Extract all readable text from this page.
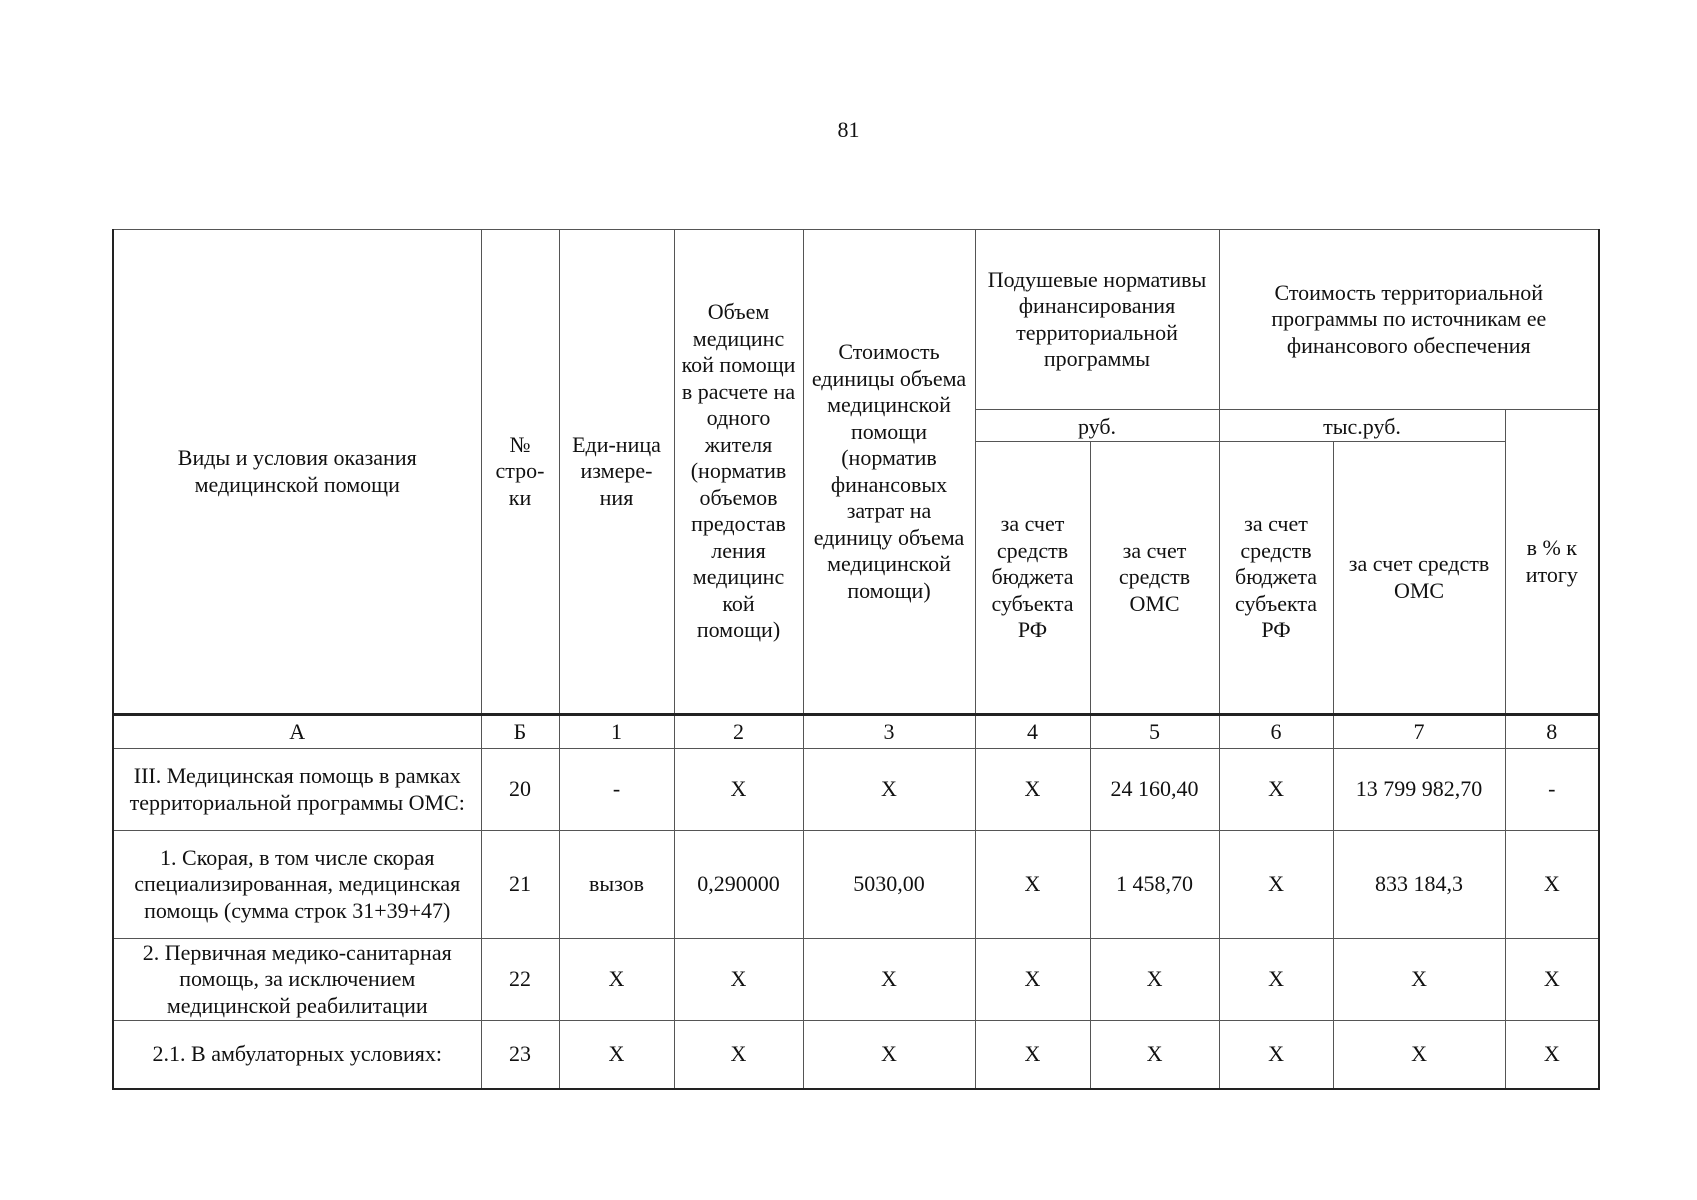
81
Виды и условия оказания медицинской помощи	№ стро-ки	Еди-ница измере-ния	Объем медицинс кой помощи в расчете на одного жителя (норматив объемов предостав ления медицинс кой помощи)	Стоимость единицы объема медицинской помощи (норматив финансовых затрат на единицу объема медицинской помощи)	Подушевые нормативы финансирования территориальной программы		Стоимость территориальной программы по источникам ее финансового обеспечения		
					руб.		тыс.руб.		в % к итогу
					за счет средств бюджета субъекта РФ	за счет средств ОМС	за счет средств бюджета субъекта РФ	за счет средств ОМС	
А	Б	1	2	3	4	5	6	7	8
III. Медицинская помощь в рамках территориальной программы ОМС:	20	-	X	X	X	24 160,40	X	13 799 982,70	-
1. Скорая, в том числе скорая специализированная, медицинская помощь (сумма строк 31+39+47)	21	вызов	0,290000	5030,00	X	1 458,70	X	833 184,3	X
2. Первичная медико-санитарная помощь, за исключением медицинской реабилитации	22	X	X	X	X	X	X	X	X
2.1. В амбулаторных условиях:	23	X	X	X	X	X	X	X	X
